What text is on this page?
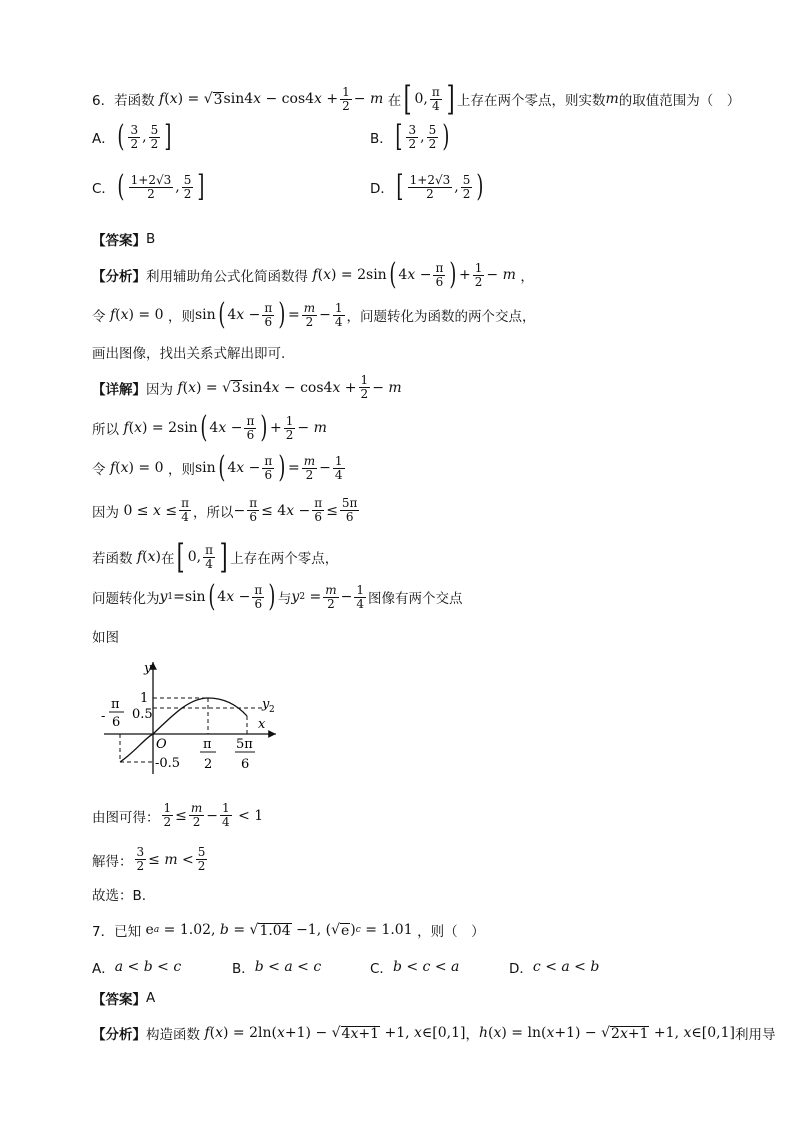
6．若函数 f ( x ) = √ 3 sin4 x − cos4 $x + \frac{1}{2} - m$
在 [ 0, $\frac{\pi}{4}$ ] 上存在两个零点，则实数 m 的取值范围为（　）
A． ( $\frac{3}{2}$ , $\frac{5}{2}$ ]	B． [ $\frac{3}{2}$ , $\frac{5}{2}$ )
C． ( $\frac{1+2√3}{2}$ , $\frac{5}{2}$ ]	D． [ $\frac{1+2√3}{2}$ , $\frac{5}{2}$ )
【答案】 B
【分析】 利用辅助角公式化简函数得 f ( x ) = 2sin ( 4 $x - \frac{\pi}{6}$ ) + $\frac{1}{2} - m$
，
令 f ( x ) = 0 ，则 sin ( 4 $x - \frac{\pi}{6}$ ) = $\frac{m}{2} - \frac{1}{4}$ ，问题转化为函数的两个交点，
画出图像，找出关系式解出即可.
【详解】 因为 f ( x ) = √ 3 sin4 x − cos4 $x + \frac{1}{2} - m$
所以 f ( x ) = 2sin ( 4 $x - \frac{\pi}{6}$ ) + $\frac{1}{2} - m$
令 f ( x ) = 0 ，则 sin ( 4 $x - \frac{\pi}{6}$ ) = $\frac{m}{2} - \frac{1}{4}$
因为 $0 \le x \le \frac{\pi}{4}$ ，所以 − $\frac{\pi}{6} \le 4$ $x - \frac{\pi}{6} \le \frac{5\pi}{6}$
若函数 f ( x ) 在 [ 0, $\frac{\pi}{4}$ ] 上存在两个零点，
问题转化为 y 1 =sin ( 4 $x - \frac{\pi}{6}$ ) 与 y $2 = \frac{m}{2} - \frac{1}{4}$ 图像有两个交点
如图
y
x
O
1
0.5
-0.5
y 2
-
π
6
π
2
5π
6
由图可得： $\frac{1}{2} \le \frac{m}{2} - \frac{1}{4} < 1$
解得： $\frac{3}{2} \le m < \frac{5}{2}$
故选：B.
7．已知 e a = 1.02, b = √ 1.04 −1, (√ e ) c = 1.01 ，则（　）
A． a < b < c	B． b < a < c	C． b < c < a	D． c < a < b
【答案】 A
【分析】 构造函数 f ( x ) = 2ln( x +1) − √ 4x+1 +1, x ∈[0,1] ， h ( x ) = ln( x +1) − √ 2x+1 +1, x ∈[0,1] 利用导
